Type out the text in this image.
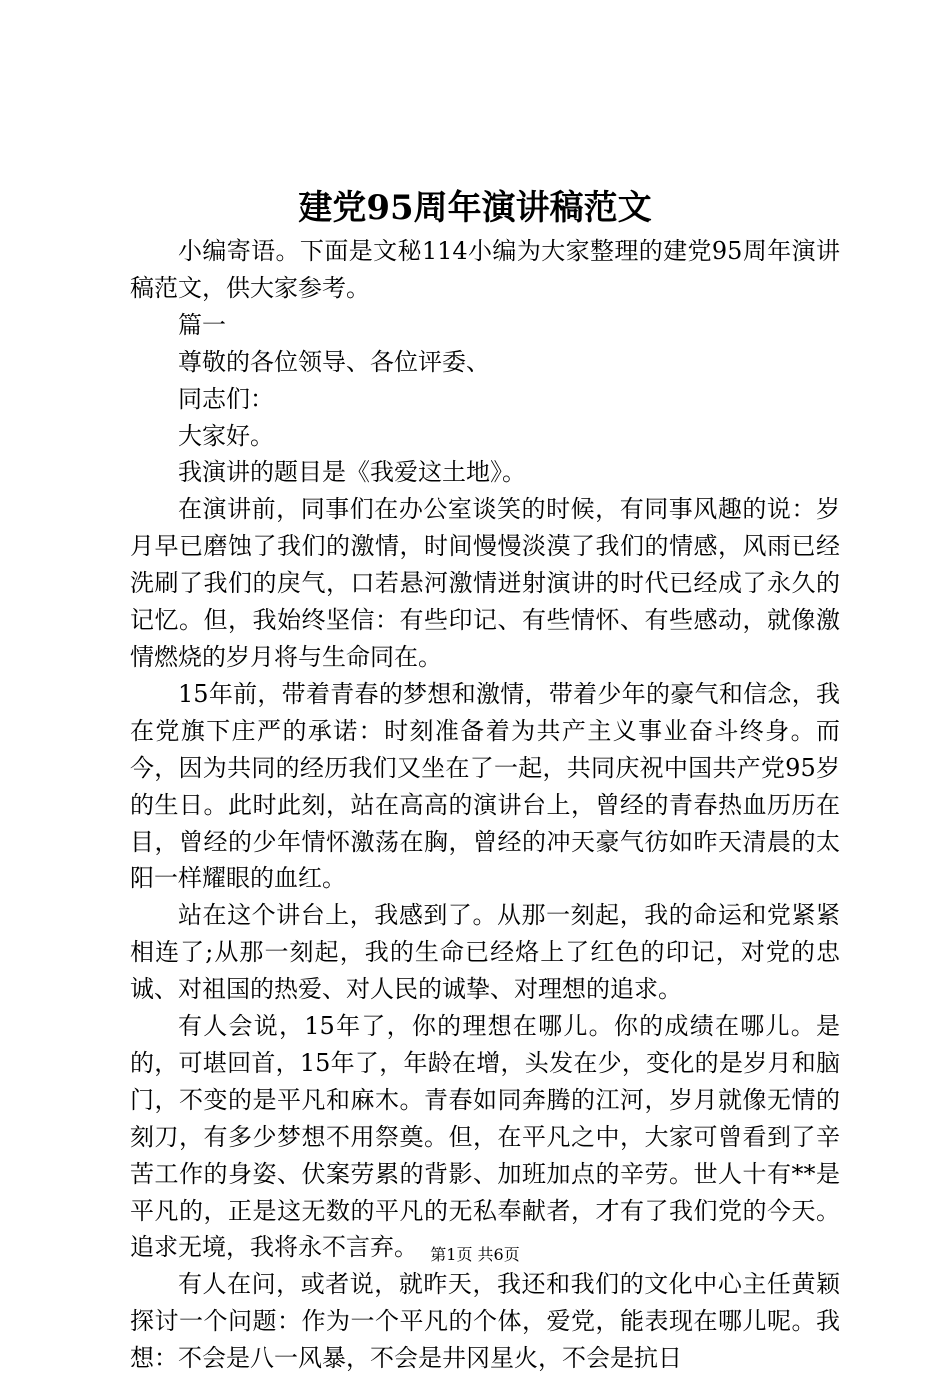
建党95周年演讲稿范文

小编寄语。下面是文秘114小编为大家整理的建党95周年演讲稿范文，供大家参考。

篇一

尊敬的各位领导、各位评委、

同志们：

大家好。

我演讲的题目是《我爱这土地》。

在演讲前，同事们在办公室谈笑的时候，有同事风趣的说：岁月早已磨蚀了我们的激情，时间慢慢淡漠了我们的情感，风雨已经洗刷了我们的戾气，口若悬河激情迸射演讲的时代已经成了永久的记忆。但，我始终坚信：有些印记、有些情怀、有些感动，就像激情燃烧的岁月将与生命同在。

15年前，带着青春的梦想和激情，带着少年的豪气和信念，我在党旗下庄严的承诺：时刻准备着为共产主义事业奋斗终身。而今，因为共同的经历我们又坐在了一起，共同庆祝中国共产党95岁的生日。此时此刻，站在高高的演讲台上，曾经的青春热血历历在目，曾经的少年情怀激荡在胸，曾经的冲天豪气彷如昨天清晨的太阳一样耀眼的血红。

站在这个讲台上，我感到了。从那一刻起，我的命运和党紧紧相连了;从那一刻起，我的生命已经烙上了红色的印记，对党的忠诚、对祖国的热爱、对人民的诚挚、对理想的追求。

有人会说，15年了，你的理想在哪儿。你的成绩在哪儿。是的，可堪回首，15年了，年龄在增，头发在少，变化的是岁月和脑门，不变的是平凡和麻木。青春如同奔腾的江河，岁月就像无情的刻刀，有多少梦想不用祭奠。但，在平凡之中，大家可曾看到了辛苦工作的身姿、伏案劳累的背影、加班加点的辛劳。世人十有**是平凡的，正是这无数的平凡的无私奉献者，才有了我们党的今天。追求无境，我将永不言弃。

有人在问，或者说，就昨天，我还和我们的文化中心主任黄颖探讨一个问题：作为一个平凡的个体，爱党，能表现在哪儿呢。我想：不会是八一风暴，不会是井冈星火，不会是抗日

第1页 共6页
